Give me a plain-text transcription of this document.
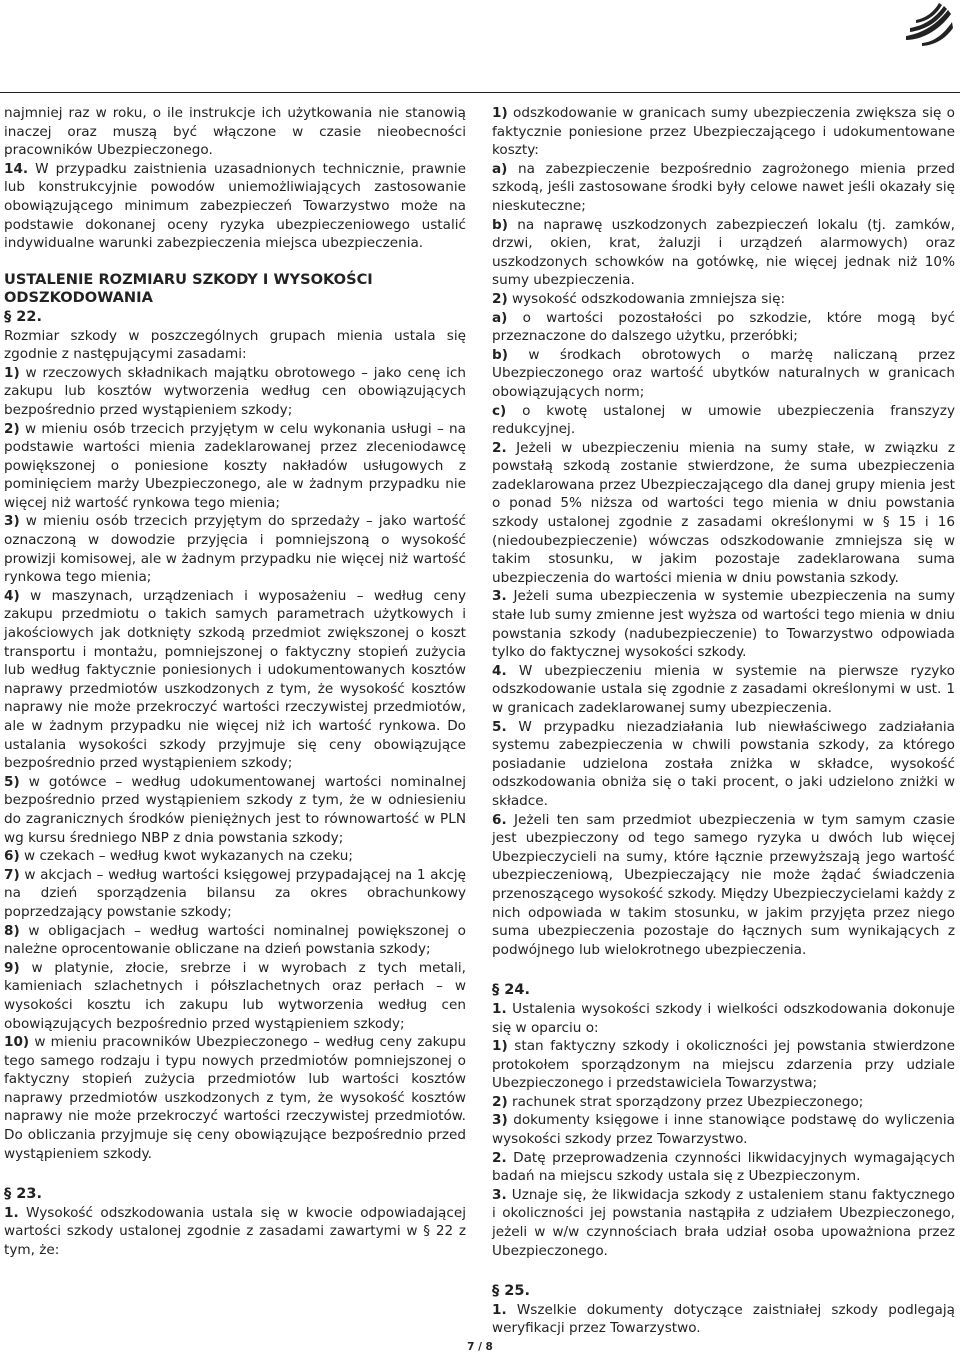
najmniej raz w roku, o ile instrukcje ich użytkowania nie stanowią inaczej oraz muszą być włączone w czasie nieobecności pracowników Ubezpieczonego.

14. W przypadku zaistnienia uzasadnionych technicznie, prawnie lub konstrukcyjnie powodów uniemożliwiających zastosowanie obowiązującego minimum zabezpieczeń Towarzystwo może na podstawie dokonanej oceny ryzyka ubezpieczeniowego ustalić indywidualne warunki zabezpieczenia miejsca ubezpieczenia.

USTALENIE ROZMIARU SZKODY I WYSOKOŚCI ODSZKODOWANIA

§ 22.

Rozmiar szkody w poszczególnych grupach mienia ustala się zgodnie z następującymi zasadami:

1) w rzeczowych składnikach majątku obrotowego – jako cenę ich zakupu lub kosztów wytworzenia według cen obowiązujących bezpośrednio przed wystąpieniem szkody;

2) w mieniu osób trzecich przyjętym w celu wykonania usługi – na podstawie wartości mienia zadeklarowanej przez zleceniodawcę powiększonej o poniesione koszty nakładów usługowych z pominięciem marży Ubezpieczonego, ale w żadnym przypadku nie więcej niż wartość rynkowa tego mienia;

3) w mieniu osób trzecich przyjętym do sprzedaży – jako wartość oznaczoną w dowodzie przyjęcia i pomniejszoną o wysokość prowizji komisowej, ale w żadnym przypadku nie więcej niż wartość rynkowa tego mienia;

4) w maszynach, urządzeniach i wyposażeniu – według ceny zakupu przedmiotu o takich samych parametrach użytkowych i jakościowych jak dotknięty szkodą przedmiot zwiększonej o koszt transportu i montażu, pomniejszonej o faktyczny stopień zużycia lub według faktycznie poniesionych i udokumentowanych kosztów naprawy przedmiotów uszkodzonych z tym, że wysokość kosztów naprawy nie może przekroczyć wartości rzeczywistej przedmiotów, ale w żadnym przypadku nie więcej niż ich wartość rynkowa. Do ustalania wysokości szkody przyjmuje się ceny obowiązujące bezpośrednio przed wystąpieniem szkody;

5) w gotówce – według udokumentowanej wartości nominalnej bezpośrednio przed wystąpieniem szkody z tym, że w odniesieniu do zagranicznych środków pieniężnych jest to równowartość w PLN wg kursu średniego NBP z dnia powstania szkody;

6) w czekach – według kwot wykazanych na czeku;

7) w akcjach – według wartości księgowej przypadającej na 1 akcję na dzień sporządzenia bilansu za okres obrachunkowy poprzedzający powstanie szkody;

8) w obligacjach – według wartości nominalnej powiększonej o należne oprocentowanie obliczane na dzień powstania szkody;

9) w platynie, złocie, srebrze i w wyrobach z tych metali, kamieniach szlachetnych i półszlachetnych oraz perłach – w wysokości kosztu ich zakupu lub wytworzenia według cen obowiązujących bezpośrednio przed wystąpieniem szkody;

10) w mieniu pracowników Ubezpieczonego – według ceny zakupu tego samego rodzaju i typu nowych przedmiotów pomniejszonej o faktyczny stopień zużycia przedmiotów lub wartości kosztów naprawy przedmiotów uszkodzonych z tym, że wysokość kosztów naprawy nie może przekroczyć wartości rzeczywistej przedmiotów. Do obliczania przyjmuje się ceny obowiązujące bezpośrednio przed wystąpieniem szkody.

§ 23.

1. Wysokość odszkodowania ustala się w kwocie odpowiadającej wartości szkody ustalonej zgodnie z zasadami zawartymi w § 22 z tym, że:

1) odszkodowanie w granicach sumy ubezpieczenia zwiększa się o faktycznie poniesione przez Ubezpieczającego i udokumentowane koszty:

a) na zabezpieczenie bezpośrednio zagrożonego mienia przed szkodą, jeśli zastosowane środki były celowe nawet jeśli okazały się nieskuteczne;

b) na naprawę uszkodzonych zabezpieczeń lokalu (tj. zamków, drzwi, okien, krat, żaluzji i urządzeń alarmowych) oraz uszkodzonych schowków na gotówkę, nie więcej jednak niż 10% sumy ubezpieczenia.

2) wysokość odszkodowania zmniejsza się:

a) o wartości pozostałości po szkodzie, które mogą być przeznaczone do dalszego użytku, przeróbki;

b) w środkach obrotowych o marżę naliczaną przez Ubezpieczonego oraz wartość ubytków naturalnych w granicach obowiązujących norm;

c) o kwotę ustalonej w umowie ubezpieczenia franszyzy redukcyjnej.

2. Jeżeli w ubezpieczeniu mienia na sumy stałe, w związku z powstałą szkodą zostanie stwierdzone, że suma ubezpieczenia zadeklarowana przez Ubezpieczającego dla danej grupy mienia jest o ponad 5% niższa od wartości tego mienia w dniu powstania szkody ustalonej zgodnie z zasadami określonymi w § 15 i 16 (niedoubezpieczenie) wówczas odszkodowanie zmniejsza się w takim stosunku, w jakim pozostaje zadeklarowana suma ubezpieczenia do wartości mienia w dniu powstania szkody.

3. Jeżeli suma ubezpieczenia w systemie ubezpieczenia na sumy stałe lub sumy zmienne jest wyższa od wartości tego mienia w dniu powstania szkody (nadubezpieczenie) to Towarzystwo odpowiada tylko do faktycznej wysokości szkody.

4. W ubezpieczeniu mienia w systemie na pierwsze ryzyko odszkodowanie ustala się zgodnie z zasadami określonymi w ust. 1 w granicach zadeklarowanej sumy ubezpieczenia.

5. W przypadku niezadziałania lub niewłaściwego zadziałania systemu zabezpieczenia w chwili powstania szkody, za którego posiadanie udzielona została zniżka w składce, wysokość odszkodowania obniża się o taki procent, o jaki udzielono zniżki w składce.

6. Jeżeli ten sam przedmiot ubezpieczenia w tym samym czasie jest ubezpieczony od tego samego ryzyka u dwóch lub więcej Ubezpieczycieli na sumy, które łącznie przewyższają jego wartość ubezpieczeniową, Ubezpieczający nie może żądać świadczenia przenoszącego wysokość szkody. Między Ubezpieczycielami każdy z nich odpowiada w takim stosunku, w jakim przyjęta przez niego suma ubezpieczenia pozostaje do łącznych sum wynikających z podwójnego lub wielokrotnego ubezpieczenia.

§ 24.

1. Ustalenia wysokości szkody i wielkości odszkodowania dokonuje się w oparciu o:

1) stan faktyczny szkody i okoliczności jej powstania stwierdzone protokołem sporządzonym na miejscu zdarzenia przy udziale Ubezpieczonego i przedstawiciela Towarzystwa;

2) rachunek strat sporządzony przez Ubezpieczonego;

3) dokumenty księgowe i inne stanowiące podstawę do wyliczenia wysokości szkody przez Towarzystwo.

2. Datę przeprowadzenia czynności likwidacyjnych wymagających badań na miejscu szkody ustala się z Ubezpieczonym.

3. Uznaje się, że likwidacja szkody z ustaleniem stanu faktycznego i okoliczności jej powstania nastąpiła z udziałem Ubezpieczonego, jeżeli w w/w czynnościach brała udział osoba upoważniona przez Ubezpieczonego.

§ 25.

1. Wszelkie dokumenty dotyczące zaistniałej szkody podlegają weryfikacji przez Towarzystwo.

7 / 8
